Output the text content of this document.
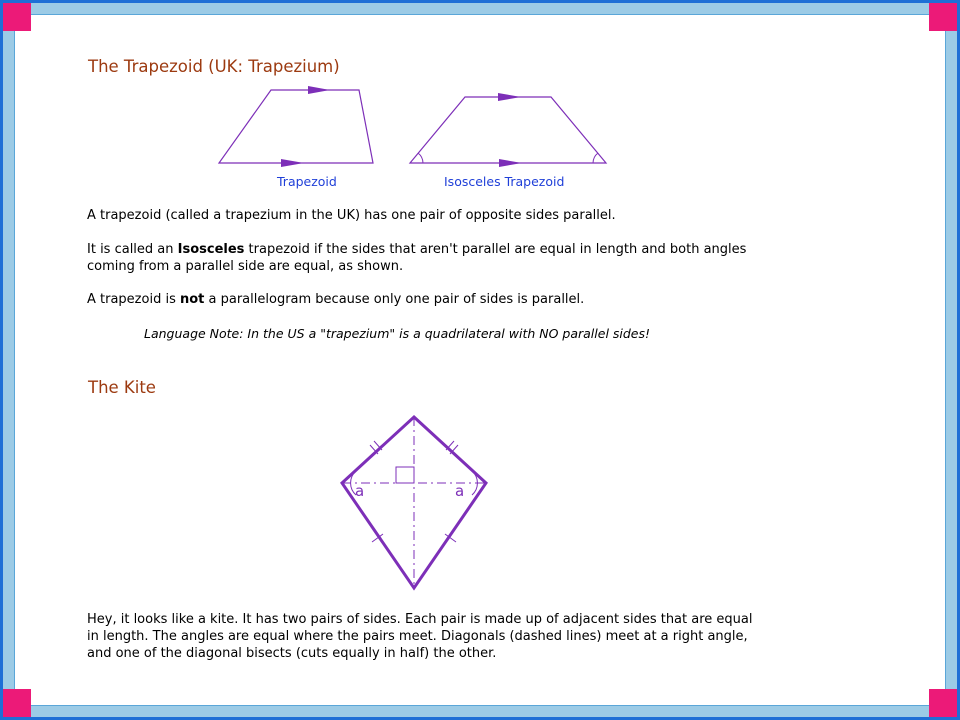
The Trapezoid (UK: Trapezium)
Trapezoid	Isosceles Trapezoid

A trapezoid (called a trapezium in the UK) has one pair of opposite sides parallel.

It is called an Isosceles trapezoid if the sides that aren't parallel are equal in length and both angles coming from a parallel side are equal, as shown.

A trapezoid is not a parallelogram because only one pair of sides is parallel.

Language Note: In the US a "trapezium" is a quadrilateral with NO parallel sides!

The Kite
a	a

Hey, it looks like a kite. It has two pairs of sides. Each pair is made up of adjacent sides that are equal in length. The angles are equal where the pairs meet. Diagonals (dashed lines) meet at a right angle, and one of the diagonal bisects (cuts equally in half) the other.
